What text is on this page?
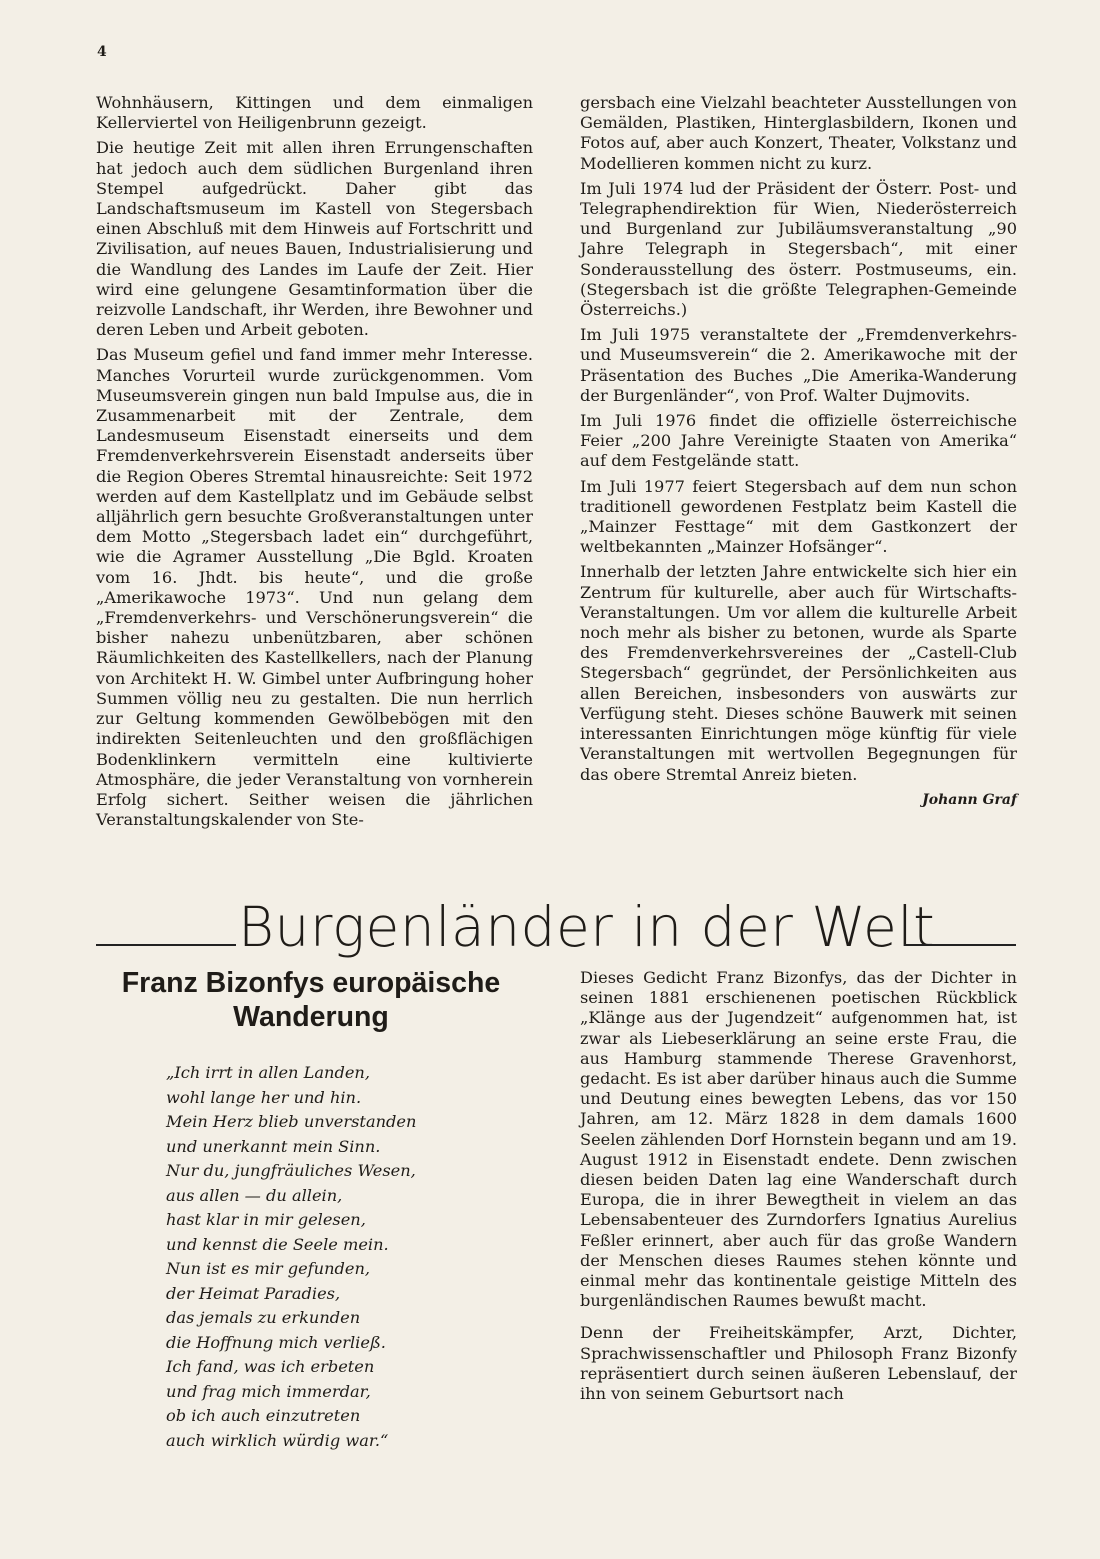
4

Wohnhäusern, Kittingen und dem einmaligen Kellerviertel von Heiligenbrunn gezeigt.

Die heutige Zeit mit allen ihren Errungenschaften hat jedoch auch dem südlichen Burgenland ihren Stempel aufgedrückt. Daher gibt das Landschaftsmuseum im Kastell von Stegersbach einen Abschluß mit dem Hinweis auf Fortschritt und Zivilisation, auf neues Bauen, Industrialisierung und die Wandlung des Landes im Laufe der Zeit. Hier wird eine gelungene Gesamtinformation über die reizvolle Landschaft, ihr Werden, ihre Bewohner und deren Leben und Arbeit geboten.

Das Museum gefiel und fand immer mehr Interesse. Manches Vorurteil wurde zurückgenommen. Vom Museumsverein gingen nun bald Impulse aus, die in Zusammenarbeit mit der Zentrale, dem Landesmuseum Eisenstadt einerseits und dem Fremdenverkehrsverein Eisenstadt anderseits über die Region Oberes Stremtal hinausreichte: Seit 1972 werden auf dem Kastellplatz und im Gebäude selbst alljährlich gern besuchte Großveranstaltungen unter dem Motto „Stegersbach ladet ein“ durchgeführt, wie die Agramer Ausstellung „Die Bgld. Kroaten vom 16. Jhdt. bis heute“, und die große „Amerikawoche 1973“. Und nun gelang dem „Fremdenverkehrs- und Verschönerungsverein“ die bisher nahezu unbenützbaren, aber schönen Räumlichkeiten des Kastellkellers, nach der Planung von Architekt H. W. Gimbel unter Aufbringung hoher Summen völlig neu zu gestalten. Die nun herrlich zur Geltung kommenden Gewölbebögen mit den indirekten Seitenleuchten und den großflächigen Bodenklinkern vermitteln eine kultivierte Atmosphäre, die jeder Veranstaltung von vornherein Erfolg sichert. Seither weisen die jährlichen Veranstaltungskalender von Ste-

gersbach eine Vielzahl beachteter Ausstellungen von Gemälden, Plastiken, Hinterglasbildern, Ikonen und Fotos auf, aber auch Konzert, Theater, Volkstanz und Modellieren kommen nicht zu kurz.

Im Juli 1974 lud der Präsident der Österr. Post- und Telegraphendirektion für Wien, Niederösterreich und Burgenland zur Jubiläumsveranstaltung „90 Jahre Telegraph in Stegersbach“, mit einer Sonderausstellung des österr. Postmuseums, ein. (Stegersbach ist die größte Telegraphen-Gemeinde Österreichs.)

Im Juli 1975 veranstaltete der „Fremdenverkehrs- und Museumsverein“ die 2. Amerikawoche mit der Präsentation des Buches „Die Amerika-Wanderung der Burgenländer“, von Prof. Walter Dujmovits.

Im Juli 1976 findet die offizielle österreichische Feier „200 Jahre Vereinigte Staaten von Amerika“ auf dem Festgelände statt.

Im Juli 1977 feiert Stegersbach auf dem nun schon traditionell gewordenen Festplatz beim Kastell die „Mainzer Festtage“ mit dem Gastkonzert der weltbekannten „Mainzer Hofsänger“.

Innerhalb der letzten Jahre entwickelte sich hier ein Zentrum für kulturelle, aber auch für Wirtschafts-Veranstaltungen. Um vor allem die kulturelle Arbeit noch mehr als bisher zu betonen, wurde als Sparte des Fremdenverkehrsvereines der „Castell-Club Stegersbach“ gegründet, der Persönlichkeiten aus allen Bereichen, insbesonders von auswärts zur Verfügung steht. Dieses schöne Bauwerk mit seinen interessanten Einrichtungen möge künftig für viele Veranstaltungen mit wertvollen Begegnungen für das obere Stremtal Anreiz bieten.

Johann Graf
Burgenländer in der Welt
Franz Bizonfys europäische Wanderung
„Ich irrt in allen Landen,
wohl lange her und hin.
Mein Herz blieb unverstanden
und unerkannt mein Sinn.
Nur du, jungfräuliches Wesen,
aus allen — du allein,
hast klar in mir gelesen,
und kennst die Seele mein.
Nun ist es mir gefunden,
der Heimat Paradies,
das jemals zu erkunden
die Hoffnung mich verließ.
Ich fand, was ich erbeten
und frag mich immerdar,
ob ich auch einzutreten
auch wirklich würdig war.“

Dieses Gedicht Franz Bizonfys, das der Dichter in seinen 1881 erschienenen poetischen Rückblick „Klänge aus der Jugendzeit“ aufgenommen hat, ist zwar als Liebeserklärung an seine erste Frau, die aus Hamburg stammende Therese Gravenhorst, gedacht. Es ist aber darüber hinaus auch die Summe und Deutung eines bewegten Lebens, das vor 150 Jahren, am 12. März 1828 in dem damals 1600 Seelen zählenden Dorf Hornstein begann und am 19. August 1912 in Eisenstadt endete. Denn zwischen diesen beiden Daten lag eine Wanderschaft durch Europa, die in ihrer Bewegtheit in vielem an das Lebensabenteuer des Zurndorfers Ignatius Aurelius Feßler erinnert, aber auch für das große Wandern der Menschen dieses Raumes stehen könnte und einmal mehr das kontinentale geistige Mitteln des burgenländischen Raumes bewußt macht.

Denn der Freiheitskämpfer, Arzt, Dichter, Sprachwissenschaftler und Philosoph Franz Bizonfy repräsentiert durch seinen äußeren Lebenslauf, der ihn von seinem Geburtsort nach
